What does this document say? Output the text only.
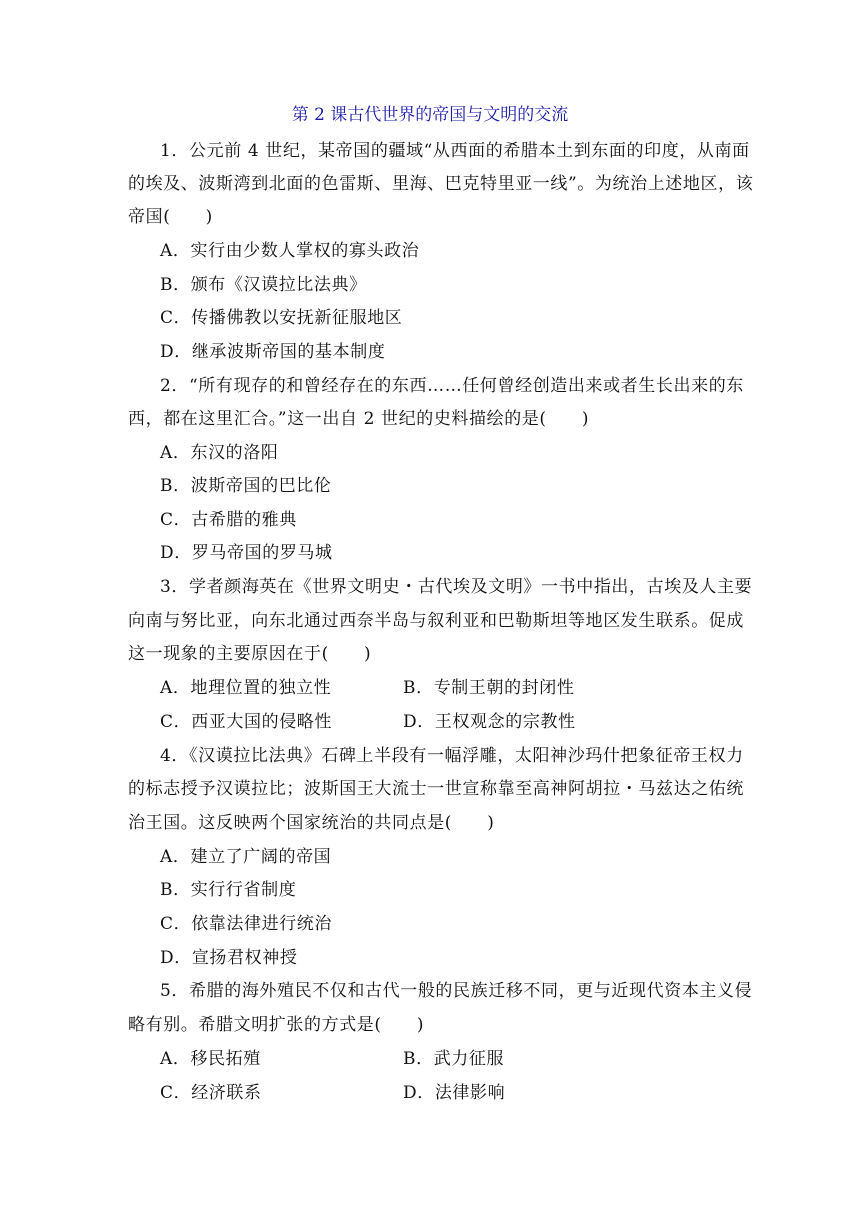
第 2 课古代世界的帝国与文明的交流
1．公元前 4 世纪，某帝国的疆域“从西面的希腊本土到东面的印度，从南面
的埃及、波斯湾到北面的色雷斯、里海、巴克特里亚一线”。为统治上述地区，该
帝国(　　)
A．实行由少数人掌权的寡头政治
B．颁布《汉谟拉比法典》
C．传播佛教以安抚新征服地区
D．继承波斯帝国的基本制度
2．“所有现存的和曾经存在的东西……任何曾经创造出来或者生长出来的东
西，都在这里汇合。”这一出自 2 世纪的史料描绘的是(　　)
A．东汉的洛阳
B．波斯帝国的巴比伦
C．古希腊的雅典
D．罗马帝国的罗马城
3．学者颜海英在《世界文明史・古代埃及文明》一书中指出，古埃及人主要
向南与努比亚，向东北通过西奈半岛与叙利亚和巴勒斯坦等地区发生联系。促成
这一现象的主要原因在于(　　)
A．地理位置的独立性	B．专制王朝的封闭性
C．西亚大国的侵略性	D．王权观念的宗教性
4．《汉谟拉比法典》石碑上半段有一幅浮雕，太阳神沙玛什把象征帝王权力
的标志授予汉谟拉比；波斯国王大流士一世宣称靠至高神阿胡拉・马兹达之佑统
治王国。这反映两个国家统治的共同点是(　　)
A．建立了广阔的帝国
B．实行行省制度
C．依靠法律进行统治
D．宣扬君权神授
5．希腊的海外殖民不仅和古代一般的民族迁移不同，更与近现代资本主义侵
略有别。希腊文明扩张的方式是(　　)
A．移民拓殖	B．武力征服
C．经济联系	D．法律影响
